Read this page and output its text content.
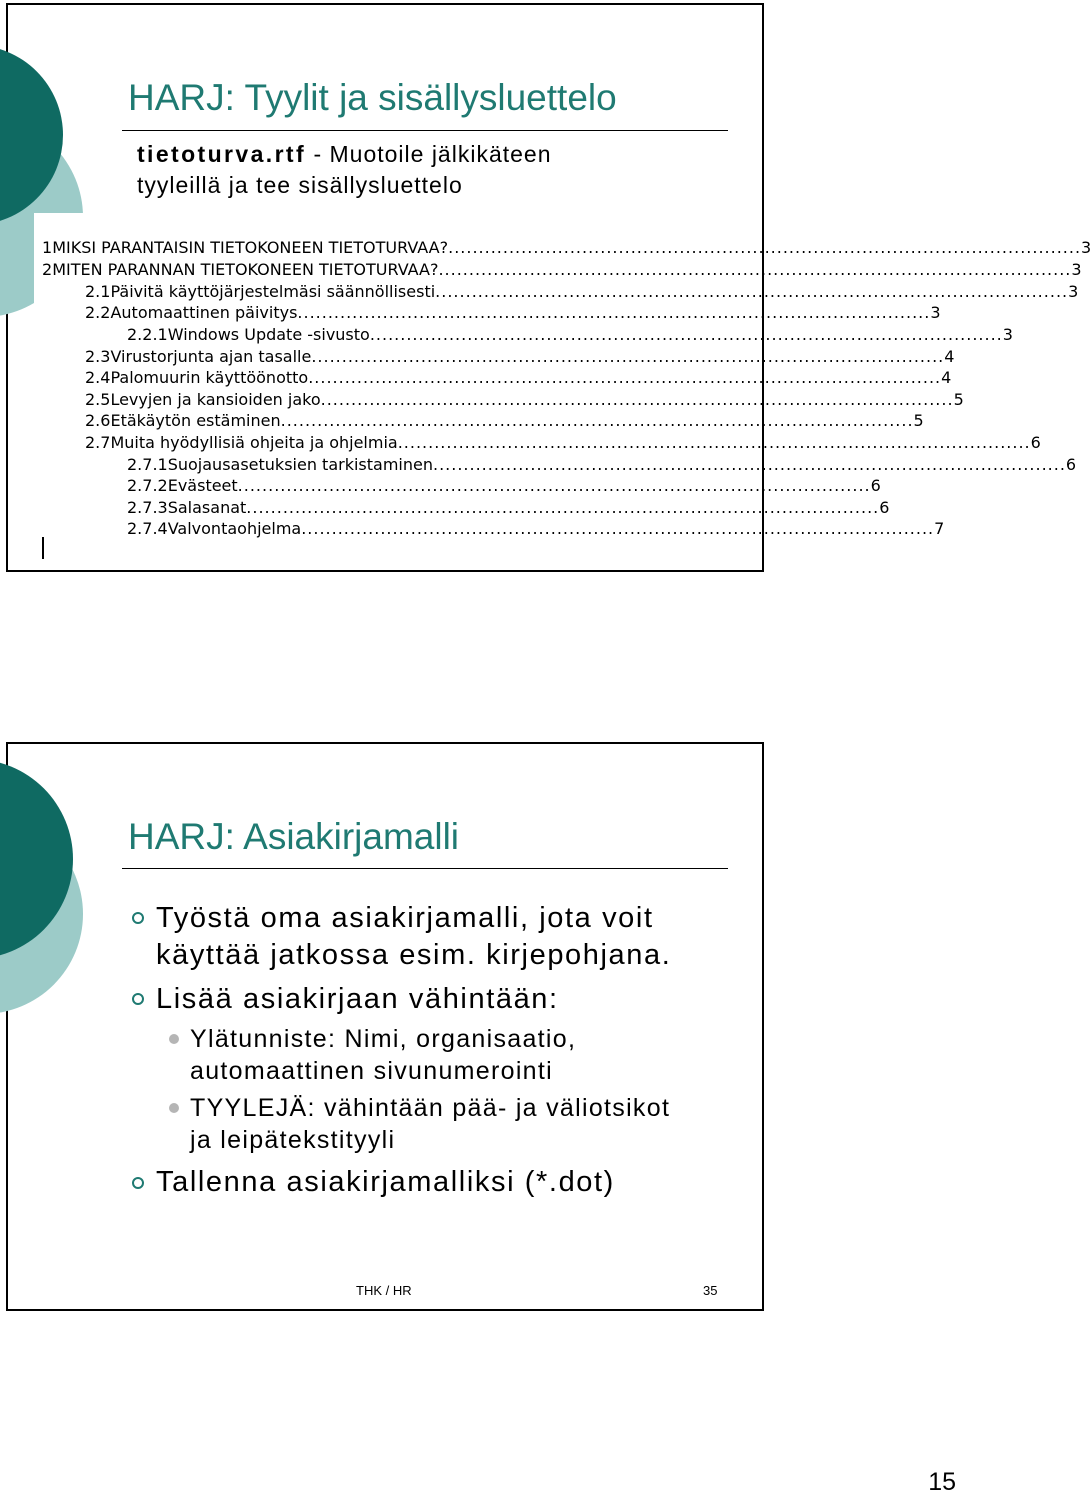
HARJ: Tyylit ja sisällysluettelo
tietoturva.rtf - Muotoile jälkikäteen
tyyleillä ja tee sisällysluettelo
1 MIKSI PARANTAISIN TIETOKONEEN TIETOTURVAA? ........................................................................................................ 3
2 MITEN PARANNAN TIETOKONEEN TIETOTURVAA? ........................................................................................................ 3
2.1 Päivitä käyttöjärjestelmäsi säännöllisesti ........................................................................................................ 3
2.2 Automaattinen päivitys ........................................................................................................ 3
2.2.1 Windows Update -sivusto ........................................................................................................ 3
2.3 Virustorjunta ajan tasalle ........................................................................................................ 4
2.4 Palomuurin käyttöönotto ........................................................................................................ 4
2.5 Levyjen ja kansioiden jako ........................................................................................................ 5
2.6 Etäkäytön estäminen ........................................................................................................ 5
2.7 Muita hyödyllisiä ohjeita ja ohjelmia ........................................................................................................ 6
2.7.1 Suojausasetuksien tarkistaminen ........................................................................................................ 6
2.7.2 Evästeet ........................................................................................................ 6
2.7.3 Salasanat ........................................................................................................ 6
2.7.4 Valvontaohjelma ........................................................................................................ 7
HARJ: Asiakirjamalli
Työstä oma asiakirjamalli, jota voit
käyttää jatkossa esim. kirjepohjana.
Lisää asiakirjaan vähintään:
Ylätunniste: Nimi, organisaatio,
automaattinen sivunumerointi
TYYLEJÄ: vähintään pää- ja väliotsikot
ja leipätekstityyli
Tallenna asiakirjamalliksi (*.dot)
THK / HR	35
15
